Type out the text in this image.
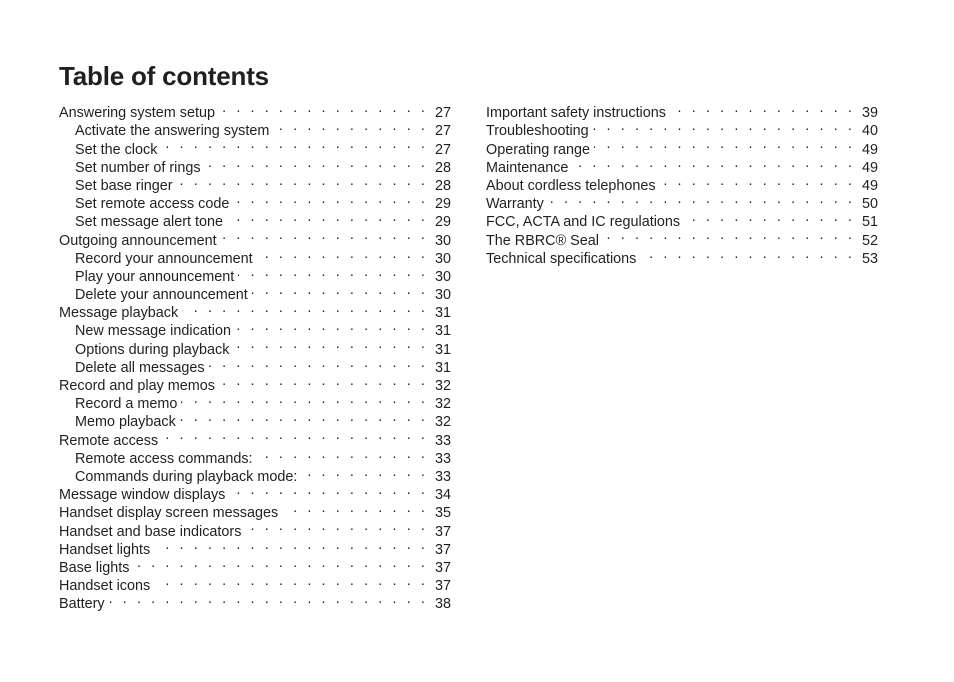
Table of contents
Answering system setup . . .	27
Activate the answering system . . .	27
Set the clock . . .	27
Set number of rings . . .	28
Set base ringer . . .	28
Set remote access code . . .	29
Set message alert tone . . .	29
Outgoing announcement . . .	30
Record your announcement . . .	30
Play your announcement . . .	30
Delete your announcement . . .	30
Message playback . . .	31
New message indication . . .	31
Options during playback . . .	31
Delete all messages . . .	31
Record and play memos . . .	32
Record a memo . . .	32
Memo playback . . .	32
Remote access . . .	33
Remote access commands: . . .	33
Commands during playback mode: . . .	33
Message window displays . . .	34
Handset display screen messages . . .	35
Handset and base indicators . . .	37
Handset lights . . .	37
Base lights . . .	37
Handset icons . . .	37
Battery . . .	38
Important safety instructions . . .	39
Troubleshooting . . .	40
Operating range . . .	49
Maintenance . . .	49
About cordless telephones . . .	49
Warranty . . .	50
FCC, ACTA and IC regulations . . .	51
The RBRC® Seal . . .	52
Technical specifications . . .	53
